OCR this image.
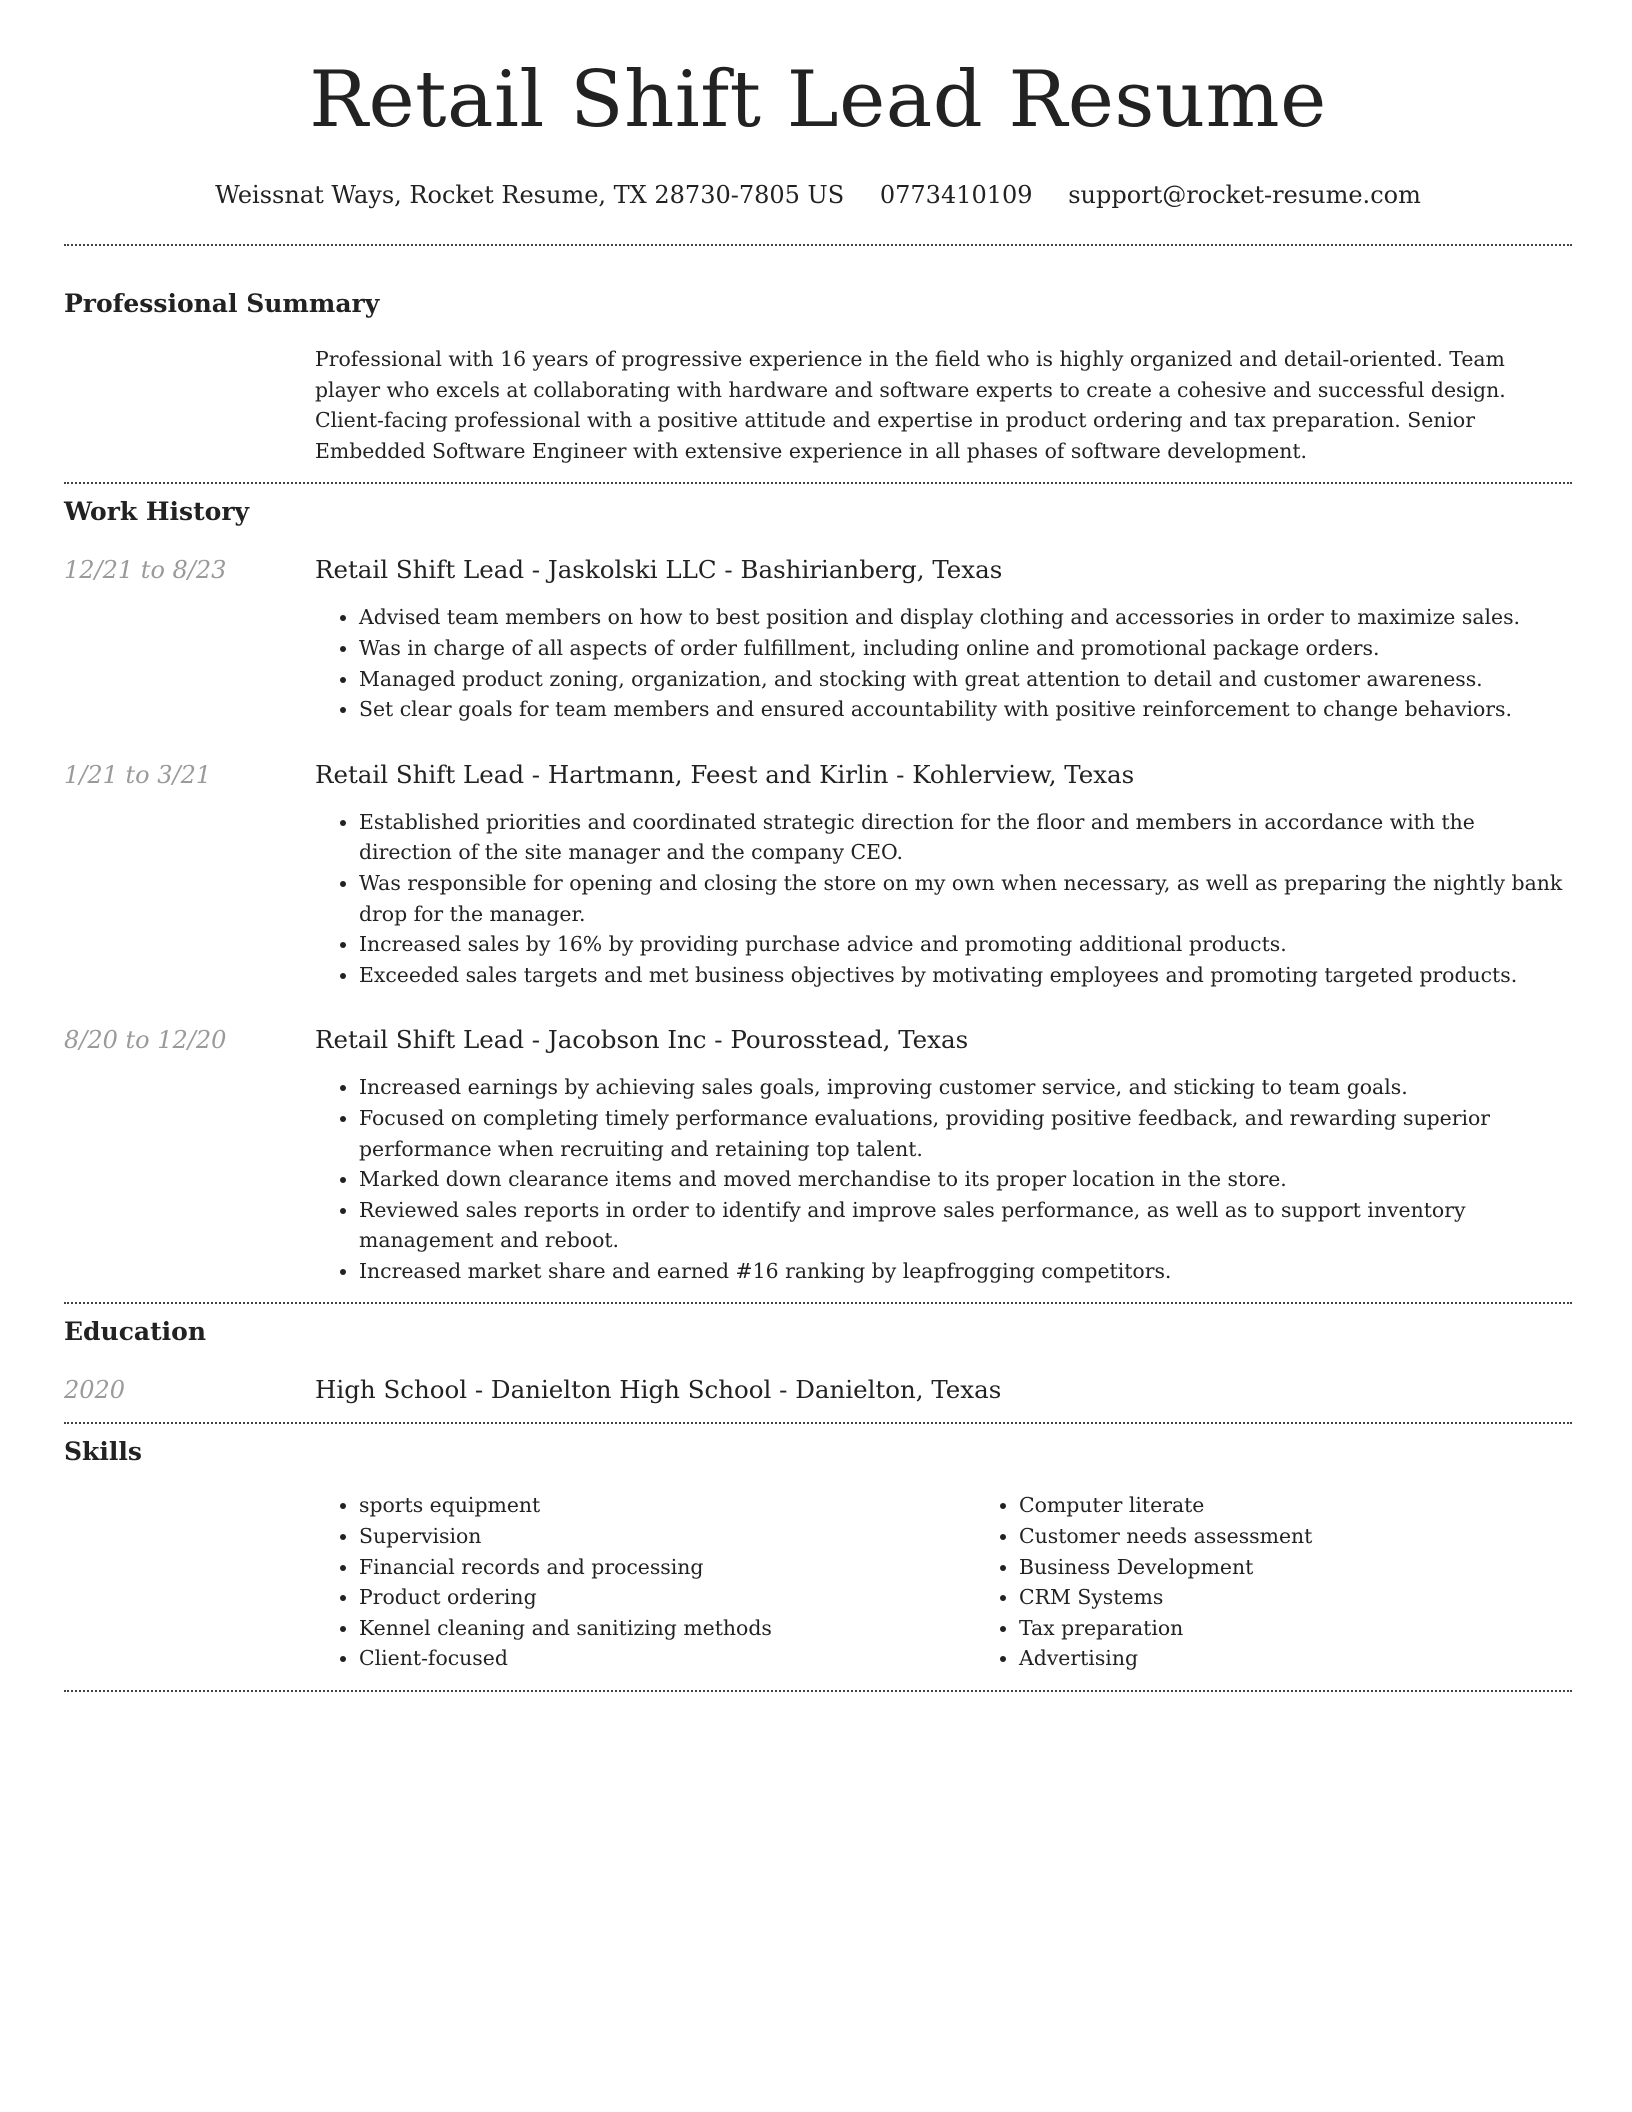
Retail Shift Lead Resume
Weissnat Ways, Rocket Resume, TX 28730-7805 US 0773410109 support@rocket-resume.com
Professional Summary

Professional with 16 years of progressive experience in the field who is highly organized and detail-oriented. Team player who excels at collaborating with hardware and software experts to create a cohesive and successful design. Client-facing professional with a positive attitude and expertise in product ordering and tax preparation. Senior Embedded Software Engineer with extensive experience in all phases of software development.

Work History
12/21 to 8/23	Retail Shift Lead - Jaskolski LLC - Bashirianberg, Texas
• Advised team members on how to best position and display clothing and accessories in order to maximize sales.
• Was in charge of all aspects of order fulfillment, including online and promotional package orders.
• Managed product zoning, organization, and stocking with great attention to detail and customer awareness.
• Set clear goals for team members and ensured accountability with positive reinforcement to change behaviors.
1/21 to 3/21	Retail Shift Lead - Hartmann, Feest and Kirlin - Kohlerview, Texas
• Established priorities and coordinated strategic direction for the floor and members in accordance with the direction of the site manager and the company CEO.
• Was responsible for opening and closing the store on my own when necessary, as well as preparing the nightly bank drop for the manager.
• Increased sales by 16% by providing purchase advice and promoting additional products.
• Exceeded sales targets and met business objectives by motivating employees and promoting targeted products.
8/20 to 12/20	Retail Shift Lead - Jacobson Inc - Pourosstead, Texas
• Increased earnings by achieving sales goals, improving customer service, and sticking to team goals.
• Focused on completing timely performance evaluations, providing positive feedback, and rewarding superior performance when recruiting and retaining top talent.
• Marked down clearance items and moved merchandise to its proper location in the store.
• Reviewed sales reports in order to identify and improve sales performance, as well as to support inventory management and reboot.
• Increased market share and earned #16 ranking by leapfrogging competitors.
Education
2020	High School - Danielton High School - Danielton, Texas
Skills
• sports equipment
• Supervision
• Financial records and processing
• Product ordering
• Kennel cleaning and sanitizing methods
• Client-focused
• Computer literate
• Customer needs assessment
• Business Development
• CRM Systems
• Tax preparation
• Advertising
